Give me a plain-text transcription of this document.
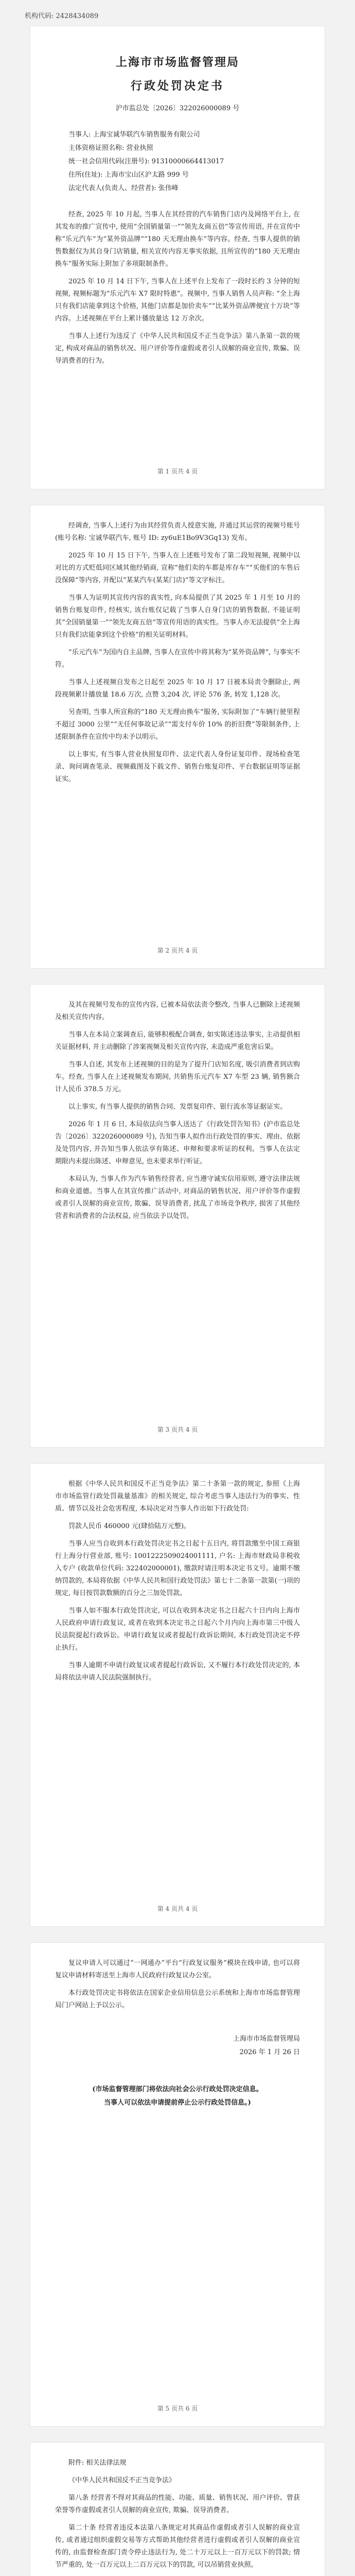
机构代码: 2428434089
上海市市场监督管理局
行政处罚决定书
沪市监总处〔2026〕322026000089 号
当事人: 上海宝诚华联汽车销售服务有限公司
主体资格证照名称: 营业执照
统一社会信用代码(注册号): 91310000664413017
住所(住址): 上海市宝山区沪太路 999 号
法定代表人(负责人、经营者): 张伟峰

经查, 2025 年 10 月起, 当事人在其经营的汽车销售门店内及网络平台上, 在其发布的推广宣传中, 使用“全国销量第一”“领先友商五倍”等宣传用语, 并在宣传中称“乐元汽车”为“某外资品牌”“180 天无理由换车”等内容。经查, 当事人提供的销售数据仅为其自身门店销量, 相关宣传内容无事实依据, 且所宣传的“180 天无理由换车”服务实际上附加了多项限制条件。

2025 年 10 月 14 日下午, 当事人在上述平台上发布了一段时长约 3 分钟的短视频, 视频标题为“乐元汽车 X7 限时特惠”。视频中, 当事人销售人员声称: “全上海只有我们店能拿到这个价格, 其他门店都是加价卖车”“比某外资品牌便宜十万块”等内容。上述视频在平台上累计播放量达 12 万余次。

当事人上述行为违反了《中华人民共和国反不正当竞争法》第八条第一款的规定, 构成对商品的销售状况、用户评价等作虚假或者引人误解的商业宣传, 欺骗、误导消费者的行为。

第 1 页共 4 页

经调查, 当事人上述行为由其经营负责人授意实施, 并通过其运营的视频号账号 (账号名称: 宝诚华联汽车, 账号 ID: zy6uE1Bo9V3Gq13) 发布。

2025 年 10 月 15 日下午, 当事人在上述账号发布了第二段短视频, 视频中以对比的方式贬低同区域其他经销商, 宣称“他们卖的车都是库存车”“买他们的车售后没保障”等内容, 并配以“某某汽车(某某门店)”等文字标注。

当事人为证明其宣传内容的真实性, 向本局提供了其 2025 年 1 月至 10 月的销售台账复印件, 经核实, 该台账仅记载了当事人自身门店的销售数据, 不能证明其“全国销量第一”“领先友商五倍”等宣传用语的真实性。当事人亦无法提供“全上海只有我们店能拿到这个价格”的相关证明材料。

“乐元汽车”为国内自主品牌, 当事人在宣传中将其称为“某外资品牌”, 与事实不符。

当事人上述视频自发布之日起至 2025 年 10 月 17 日被本局责令删除止, 两段视频累计播放量 18.6 万次, 点赞 3,204 次, 评论 576 条, 转发 1,128 次。

另查明, 当事人所宣称的“180 天无理由换车”服务, 实际附加了“车辆行驶里程不超过 3000 公里”“无任何事故记录”“需支付车价 10% 的折旧费”等限制条件, 上述限制条件在宣传中均未予以明示。

以上事实, 有当事人营业执照复印件、法定代表人身份证复印件、现场检查笔录、询问调查笔录、视频截图及下载文件、销售台账复印件、平台数据证明等证据证实。

第 2 页共 4 页

及其在视频号发布的宣传内容, 已被本局依法责令整改, 当事人已删除上述视频及相关宣传内容。

当事人在本局立案调查后, 能够积极配合调查, 如实陈述违法事实, 主动提供相关证据材料, 并主动删除了涉案视频及相关宣传内容, 未造成严重危害后果。

当事人自述, 其发布上述视频的目的是为了提升门店知名度, 吸引消费者到店购车。经查, 当事人在上述视频发布期间, 共销售乐元汽车 X7 车型 23 辆, 销售额合计人民币 378.5 万元。

以上事实, 有当事人提供的销售合同、发票复印件、银行流水等证据证实。

2026 年 1 月 6 日, 本局依法向当事人送达了《行政处罚告知书》(沪市监总处告〔2026〕322026000089 号), 告知当事人拟作出行政处罚的事实、理由、依据及处罚内容, 并告知当事人依法享有陈述、申辩和要求听证的权利。当事人在法定期限内未提出陈述、申辩意见, 也未要求举行听证。

本局认为, 当事人作为汽车销售经营者, 应当遵守诚实信用原则, 遵守法律法规和商业道德。当事人在其宣传推广活动中, 对商品的销售状况、用户评价等作虚假或者引人误解的商业宣传, 欺骗、误导消费者, 扰乱了市场竞争秩序, 损害了其他经营者和消费者的合法权益, 应当依法予以处罚。

第 3 页共 4 页

根据《中华人民共和国反不正当竞争法》第二十条第一款的规定, 参照《上海市市场监管行政处罚裁量基准》的相关规定, 综合考虑当事人违法行为的事实、性质、情节以及社会危害程度, 本局决定对当事人作出如下行政处罚:

罚款人民币 460000 元(肆拾陆万元整)。

当事人应当自收到本行政处罚决定书之日起十五日内, 将罚款缴至中国工商银行上海分行营业部, 账号: 1001222509024001111, 户名: 上海市财政局非税收入专户 (收款单位代码: 322402000001), 缴款时请注明本决定书文号。逾期不缴纳罚款的, 本局将依据《中华人民共和国行政处罚法》第七十二条第一款第(一)项的规定, 每日按罚款数额的百分之三加处罚款。

当事人如不服本行政处罚决定, 可以在收到本决定书之日起六十日内向上海市人民政府申请行政复议, 或者在收到本决定书之日起六个月内向上海市第三中级人民法院提起行政诉讼。申请行政复议或者提起行政诉讼期间, 本行政处罚决定不停止执行。

当事人逾期不申请行政复议或者提起行政诉讼, 又不履行本行政处罚决定的, 本局将依法申请人民法院强制执行。

第 4 页共 4 页

复议申请人可以通过“一网通办”平台“行政复议服务”模块在线申请, 也可以将复议申请材料寄送至上海市人民政府行政复议办公室。

本行政处罚决定书将依法在国家企业信用信息公示系统和上海市市场监督管理局门户网站上予以公示。

上海市市场监督管理局
2026 年 1 月 26 日
(市场监督管理部门将依法向社会公示行政处罚决定信息。
当事人可以依法申请提前停止公示行政处罚信息。)
第 5 页共 6 页

附件: 相关法律法规

《中华人民共和国反不正当竞争法》

第八条 经营者不得对其商品的性能、功能、质量、销售状况、用户评价、曾获荣誉等作虚假或者引人误解的商业宣传, 欺骗、误导消费者。

第二十条 经营者违反本法第八条规定对其商品作虚假或者引人误解的商业宣传, 或者通过组织虚假交易等方式帮助其他经营者进行虚假或者引人误解的商业宣传的, 由监督检查部门责令停止违法行为, 处二十万元以上一百万元以下的罚款; 情节严重的, 处一百万元以上二百万元以下的罚款, 可以吊销营业执照。
